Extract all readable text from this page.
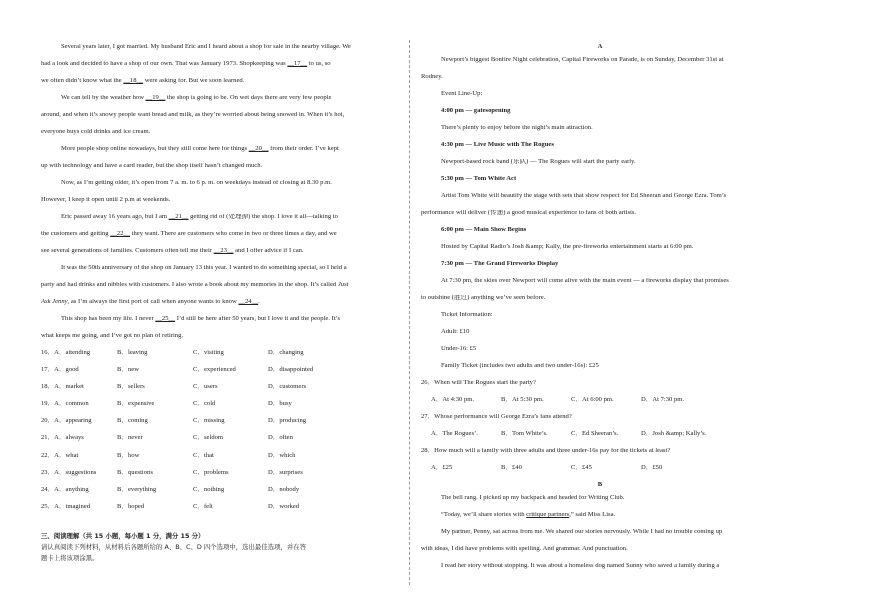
Several years later, I got married. My husband Eric and I heard about a shop for sale in the nearby village. We
had a look and decided to have a shop of our own. That was January 1973. Shopkeeping was __17__ to us, so
we often didn’t know what the __18__ were asking for. But we soon learned.
We can tell by the weather how __19__ the shop is going to be. On wet days there are very few people
around, and when it’s snowy people want bread and milk, as they’re worried about being snowed in. When it’s hot,
everyone buys cold drinks and ice cream.
More people shop online nowadays, but they still come here for things __20__ from their order. I’ve kept
up with technology and have a card reader, but the shop itself hasn’t changed much.
Now, as I’m getting older, it’s open from 7 a. m. to 6 p. m. on weekdays instead of closing at 8.30 p.m.
However, I keep it open until 2 p.m at weekends.
Eric passed away 16 years ago, but I am __21__ getting rid of (处理掉) the shop. I love it all—talking to
the customers and getting __22__ they want. There are customers who come in two or three times a day, and we
see several generations of families. Customers often tell me their __23__ and I offer advice if I can.
It was the 50th anniversary of the shop on January 13 this year. I wanted to do something special, so I held a
party and had drinks and nibbles with customers. I also wrote a book about my memories in the shop. It’s called Just
Ask Jenny, as I’m always the first port of call when anyone wants to know __24__.
This shop has been my life. I never __25__ I’d still be here after 50 years, but I love it and the people. It’s
what keeps me going, and I’ve got no plan of retiring.
16．A．attending	B．leaving	C．visiting	D．changing
17．A．good	B．new	C．experienced	D．disappointed
18．A．market	B．sellers	C．users	D．customers
19．A．common	B．expensive	C．cold	D．busy
20．A．appearing	B．coming	C．missing	D．producing
21．A．always	B．never	C．seldom	D．often
22．A．what	B．how	C．that	D．which
23．A．suggestions	B．questions	C．problems	D．surprises
24．A．anything	B．everything	C．nothing	D．nobody
25．A．imagined	B．hoped	C．felt	D．worked
三、阅读理解（共 15 小题，每小题 1 分，满分 15 分）
请认真阅读下列材料，从材料后各题所给的 A、B、C、D 四个选项中，选出最佳选项，并在答
题卡上将该项涂黑。
A
Newport’s biggest Bonfire Night celebration, Capital Fireworks on Parade, is on Sunday, December 31st at
Rodney.
Event Line-Up:
4:00 pm — gatesopening
There’s plenty to enjoy before the night’s main attraction.
4:30 pm — Live Music with The Rogues
Newport-based rock band (乐队) — The Rogues will start the party early.
5:30 pm — Tom White Act
Artist Tom White will beautify the stage with sets that show respect for Ed Sheeran and George Ezra. Tom’s
performance will deliver (传递) a good musical experience to fans of both artists.
6:00 pm — Main Show Begins
Hosted by Capital Radio’s Josh &amp; Kally, the pre-fireworks entertainment starts at 6:00 pm.
7:30 pm — The Grand Fireworks Display
At 7:30 pm, the skies over Newport will come alive with the main event — a fireworks display that promises
to outshine (胜过) anything we’ve seen before.
Ticket Information:
Adult: £10
Under-16: £5
Family Ticket (includes two adults and two under-16s): £25
26．When will The Rogues start the party?
A．At 4:30 pm.	B．At 5:30 pm.	C．At 6:00 pm.	D．At 7:30 pm.
27．Whose performance will George Ezra’s fans attend?
A．The Rogues’.	B．Tom White’s.	C．Ed Sheeran’s.	D．Josh &amp; Kally’s.
28．How much will a family with three adults and three under-16s pay for the tickets at least?
A．£25	B．£40	C．£45	D．£50
B
The bell rang. I picked up my backpack and headed for Writing Club.
“Today, we’ll share stories with critique partners,” said Miss Lisa.
My partner, Penny, sat across from me. We shared our stories nervously. While I had no trouble coming up
with ideas, I did have problems with spelling. And grammar. And punctuation.
I read her story without stopping. It was about a homeless dog named Sunny who saved a family during a
